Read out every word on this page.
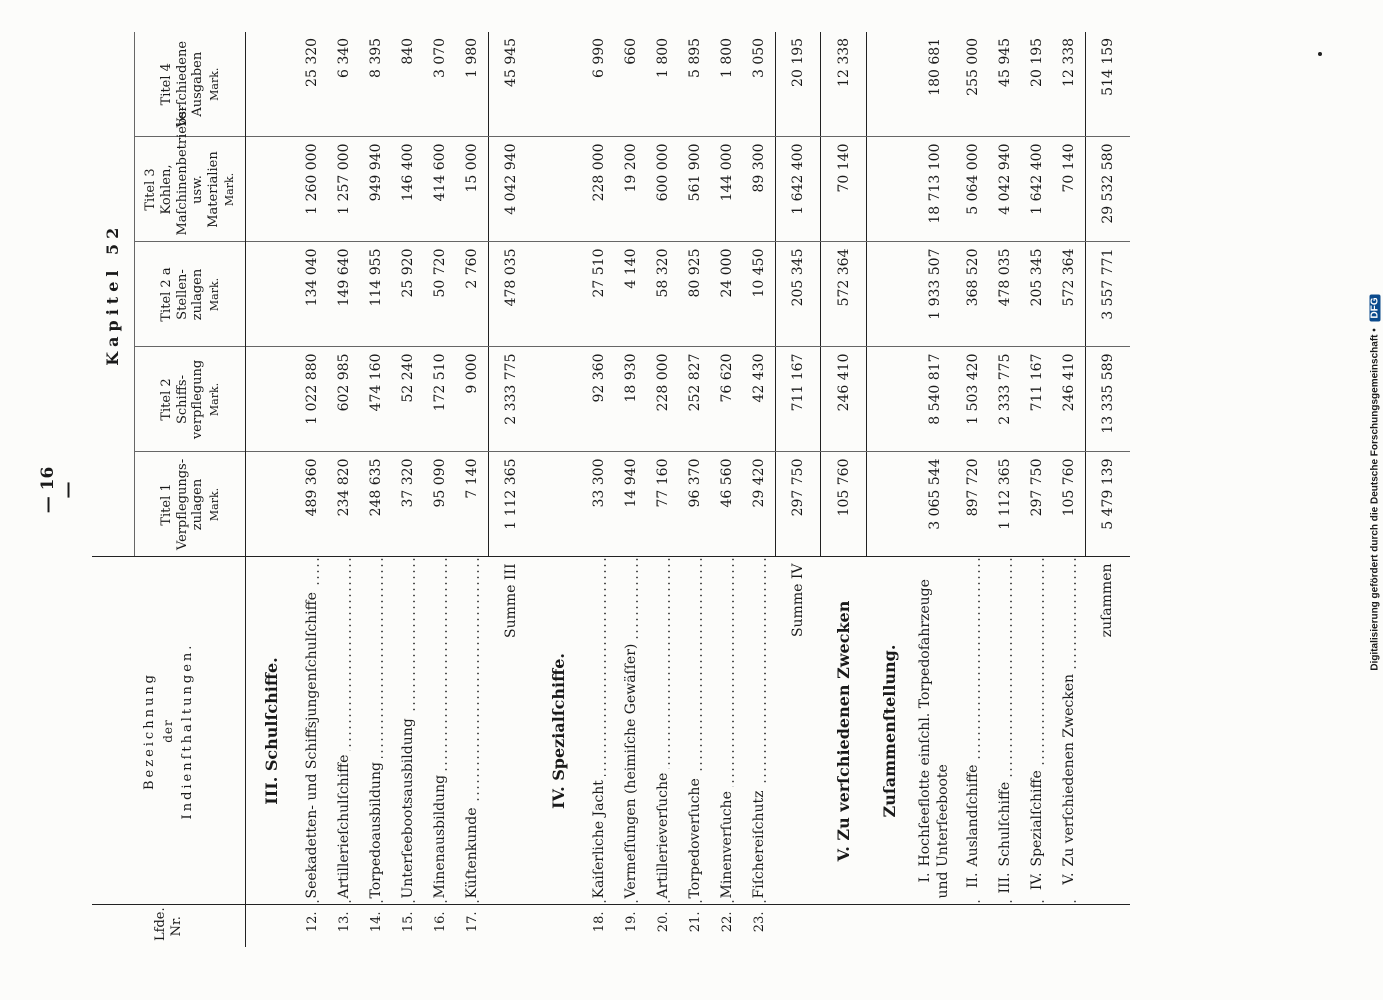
— 16 —	Digitalisierung gefördert durch die Deutsche Forschungsgemeinschaft • DFG
Lfde. Nr.	Bezeichnung der Indienſthaltungen.	Kapitel 52				

		Titel 1 Verpflegungs- zulagen Mark.	Titel 2 Schiffs- verpflegung Mark.	Titel 2 a Stellen- zulagen Mark.	Titel 3 Kohlen, Maſchinenbetriebs- usw. Materialien Mark.	Titel 4 Verſchiedene Ausgaben Mark.

	III. Schulſchiffe.					
12.	Seekadetten- und Schiffsjungenſchulſchiffe	489 360	1 022 880	134 040	1 260 000	25 320
13.	Artillerieſchulſchiffe	234 820	602 985	149 640	1 257 000	6 340
14.	Torpedoausbildung	248 635	474 160	114 955	949 940	8 395
15.	Unterſeebootsausbildung	37 320	52 240	25 920	146 400	840
16.	Minenausbildung	95 090	172 510	50 720	414 600	3 070
17.	Küſtenkunde	7 140	9 000	2 760	15 000	1 980
	Summe III	1 112 365	2 333 775	478 035	4 042 940	45 945
	IV. Spezialſchiffe.					
18.	Kaiſerliche Jacht	33 300	92 360	27 510	228 000	6 990
19.	Vermeſſungen (heimiſche Gewäſſer)	14 940	18 930	4 140	19 200	660
20.	Artillerieverſuche	77 160	228 000	58 320	600 000	1 800
21.	Torpedoverſuche	96 370	252 827	80 925	561 900	5 895
22.	Minenverſuche	46 560	76 620	24 000	144 000	1 800
23.	Fiſchereiſchutz	29 420	42 430	10 450	89 300	3 050
	Summe IV	297 750	711 167	205 345	1 642 400	20 195
	V. Zu verſchiedenen Zwecken	105 760	246 410	572 364	70 140	12 338
	Zuſammenſtellung.					
	I.Hochſeeflotte einſchl. Torpedofahrzeuge und Unterſeeboote	3 065 544	8 540 817	1 933 507	18 713 100	180 681
	II.Auslandſchiffe	897 720	1 503 420	368 520	5 064 000	255 000
	III.Schulſchiffe	1 112 365	2 333 775	478 035	4 042 940	45 945
	IV.Spezialſchiffe	297 750	711 167	205 345	1 642 400	20 195
	V.Zu verſchiedenen Zwecken	105 760	246 410	572 364	70 140	12 338
	zuſammen	5 479 139	13 335 589	3 557 771	29 532 580	514 159
